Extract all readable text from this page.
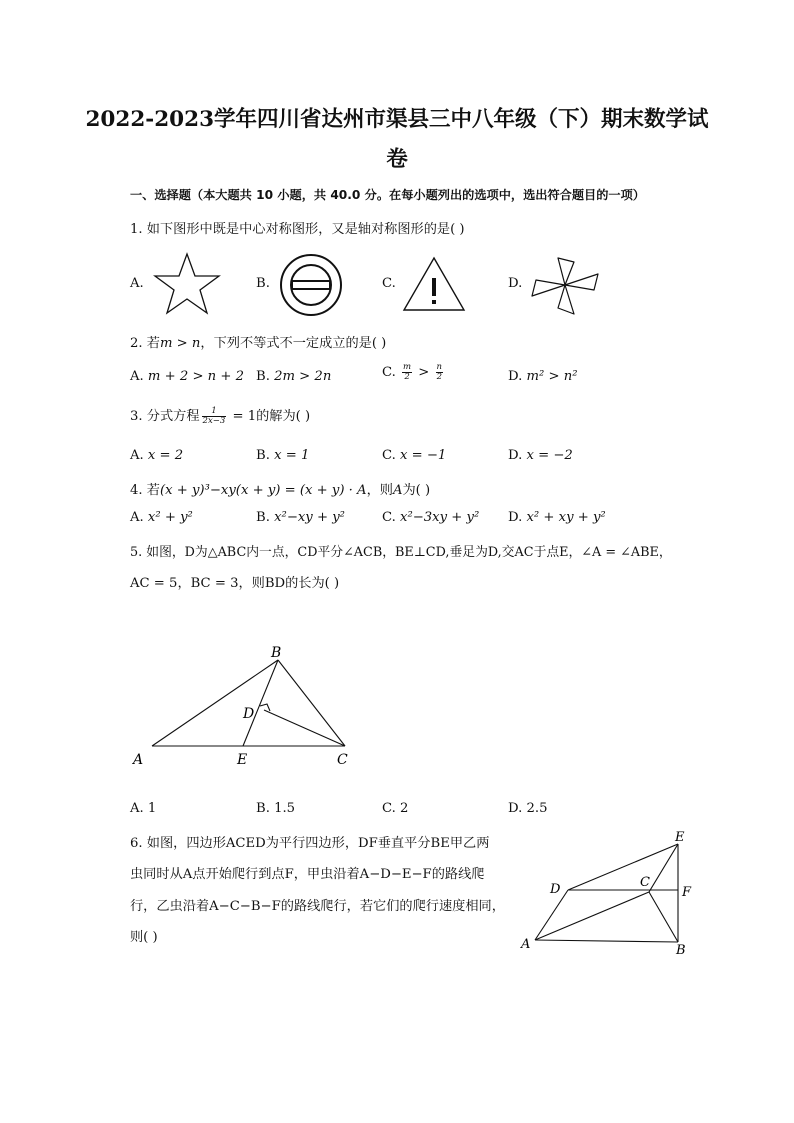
2022-2023学年四川省达州市渠县三中八年级（下）期末数学试
卷
一、选择题（本大题共 10 小题，共 40.0 分。在每小题列出的选项中，选出符合题目的一项）
1. 如下图形中既是中心对称图形，又是轴对称图形的是( )
A.	B.	C.	D.
2. 若m > n，下列不等式不一定成立的是( )
A. m + 2 > n + 2 B. 2m > 2n	C. $\frac{m}{2} > \frac{n}{2}$	D. m² > n²
3. 分式方程 $\frac{1}{2x-3} = 1$的解为( )
A. x = 2	B. x = 1	C. x = −1	D. x = −2
4. 若(x + y)³−xy(x + y) = (x + y) · A，则A为( )
A. x² + y²	B. x²−xy + y²	C. x²−3xy + y² D. x² + xy + y²
5. 如图，D为△ABC内一点，CD平分∠ACB，BE⊥CD,垂足为D,交AC于点E，∠A = ∠ABE，
AC = 5，BC = 3，则BD的长为( )
B
D
A	E	C
A. 1	B. 1.5	C. 2	D. 2.5
6. 如图，四边形ACED为平行四边形，DF垂直平分BE甲乙两
虫同时从A点开始爬行到点F，甲虫沿着A−D−E−F的路线爬
行，乙虫沿着A−C−B−F的路线爬行，若它们的爬行速度相同，
则( )
E
D	C
F
A	B
